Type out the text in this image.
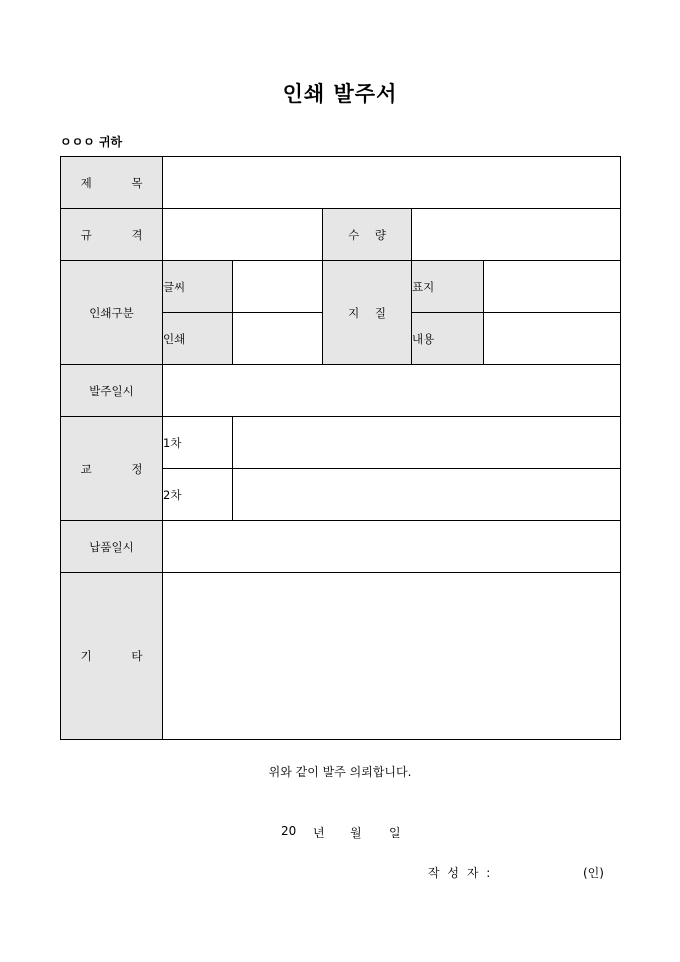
인쇄 발주서
ㅇㅇㅇ 귀하
제 목					
규 격			수 량		
인쇄구분	글씨		지 질	표지	
	인쇄			내용	
발주일시					
교 정	1차				
	2차				
납품일시					
기 타					
위와 같이 발주 의뢰합니다.
20 년 월 일
작 성 자 :	(인)
